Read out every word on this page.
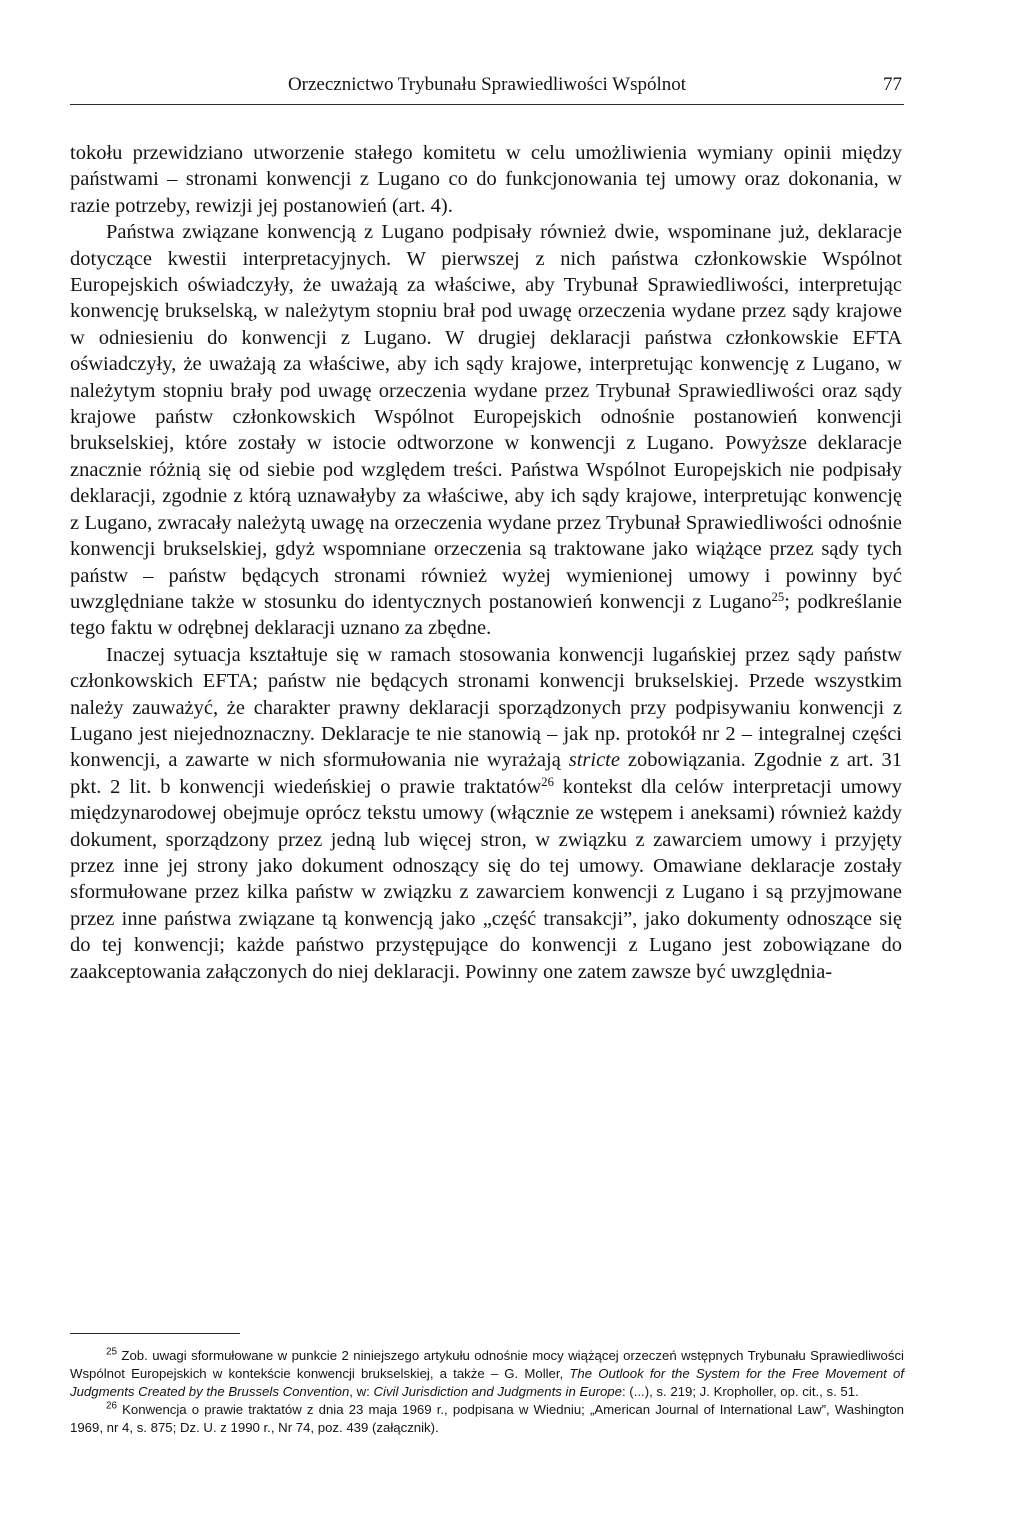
Orzecznictwo Trybunału Sprawiedliwości Wspólnot	77

tokołu przewidziano utworzenie stałego komitetu w celu umożliwienia wymiany opinii między państwami – stronami konwencji z Lugano co do funkcjonowania tej umowy oraz dokonania, w razie potrzeby, rewizji jej postanowień (art. 4).

Państwa związane konwencją z Lugano podpisały również dwie, wspominane już, deklaracje dotyczące kwestii interpretacyjnych. W pierwszej z nich państwa członkowskie Wspólnot Europejskich oświadczyły, że uważają za właściwe, aby Trybunał Sprawiedliwości, interpretując konwencję brukselską, w należytym stopniu brał pod uwagę orzeczenia wydane przez sądy krajowe w odniesieniu do konwencji z Lugano. W drugiej deklaracji państwa członkowskie EFTA oświadczyły, że uważają za właściwe, aby ich sądy krajowe, interpretując konwencję z Lugano, w należytym stopniu brały pod uwagę orzeczenia wydane przez Trybunał Sprawiedliwości oraz sądy krajowe państw członkowskich Wspólnot Europejskich odnośnie postanowień konwencji brukselskiej, które zostały w istocie odtworzone w konwencji z Lugano. Powyższe deklaracje znacznie różnią się od siebie pod względem treści. Państwa Wspólnot Europejskich nie podpisały deklaracji, zgodnie z którą uznawałyby za właściwe, aby ich sądy krajowe, interpretując konwencję z Lugano, zwracały należytą uwagę na orzeczenia wydane przez Trybunał Sprawiedliwości odnośnie konwencji brukselskiej, gdyż wspomniane orzeczenia są traktowane jako wiążące przez sądy tych państw – państw będących stronami również wyżej wymienionej umowy i powinny być uwzględniane także w stosunku do identycznych postanowień konwencji z Lugano$^{25}$; podkreślanie tego faktu w odrębnej deklaracji uznano za zbędne.

Inaczej sytuacja kształtuje się w ramach stosowania konwencji lugańskiej przez sądy państw członkowskich EFTA; państw nie będących stronami konwencji brukselskiej. Przede wszystkim należy zauważyć, że charakter prawny deklaracji sporządzonych przy podpisywaniu konwencji z Lugano jest niejednoznaczny. Deklaracje te nie stanowią – jak np. protokół nr 2 – integralnej części konwencji, a zawarte w nich sformułowania nie wyrażają stricte zobowiązania. Zgodnie z art. 31 pkt. 2 lit. b konwencji wiedeńskiej o prawie traktatów$^{26}$ kontekst dla celów interpretacji umowy międzynarodowej obejmuje oprócz tekstu umowy (włącznie ze wstępem i aneksami) również każdy dokument, sporządzony przez jedną lub więcej stron, w związku z zawarciem umowy i przyjęty przez inne jej strony jako dokument odnoszący się do tej umowy. Omawiane deklaracje zostały sformułowane przez kilka państw w związku z zawarciem konwencji z Lugano i są przyjmowane przez inne państwa związane tą konwencją jako „część transakcji”, jako dokumenty odnoszące się do tej konwencji; każde państwo przystępujące do konwencji z Lugano jest zobowiązane do zaakceptowania załączonych do niej deklaracji. Powinny one zatem zawsze być uwzględnia-

$^{25}$ Zob. uwagi sformułowane w punkcie 2 niniejszego artykułu odnośnie mocy wiążącej orzeczeń wstępnych Trybunału Sprawiedliwości Wspólnot Europejskich w kontekście konwencji brukselskiej, a także – G. Moller, The Outlook for the System for the Free Movement of Judgments Created by the Brussels Convention, w: Civil Jurisdiction and Judgments in Europe: (...), s. 219; J. Kropholler, op. cit., s. 51.

$^{26}$ Konwencja o prawie traktatów z dnia 23 maja 1969 r., podpisana w Wiedniu; „American Journal of International Law”, Washington 1969, nr 4, s. 875; Dz. U. z 1990 r., Nr 74, poz. 439 (załącznik).
